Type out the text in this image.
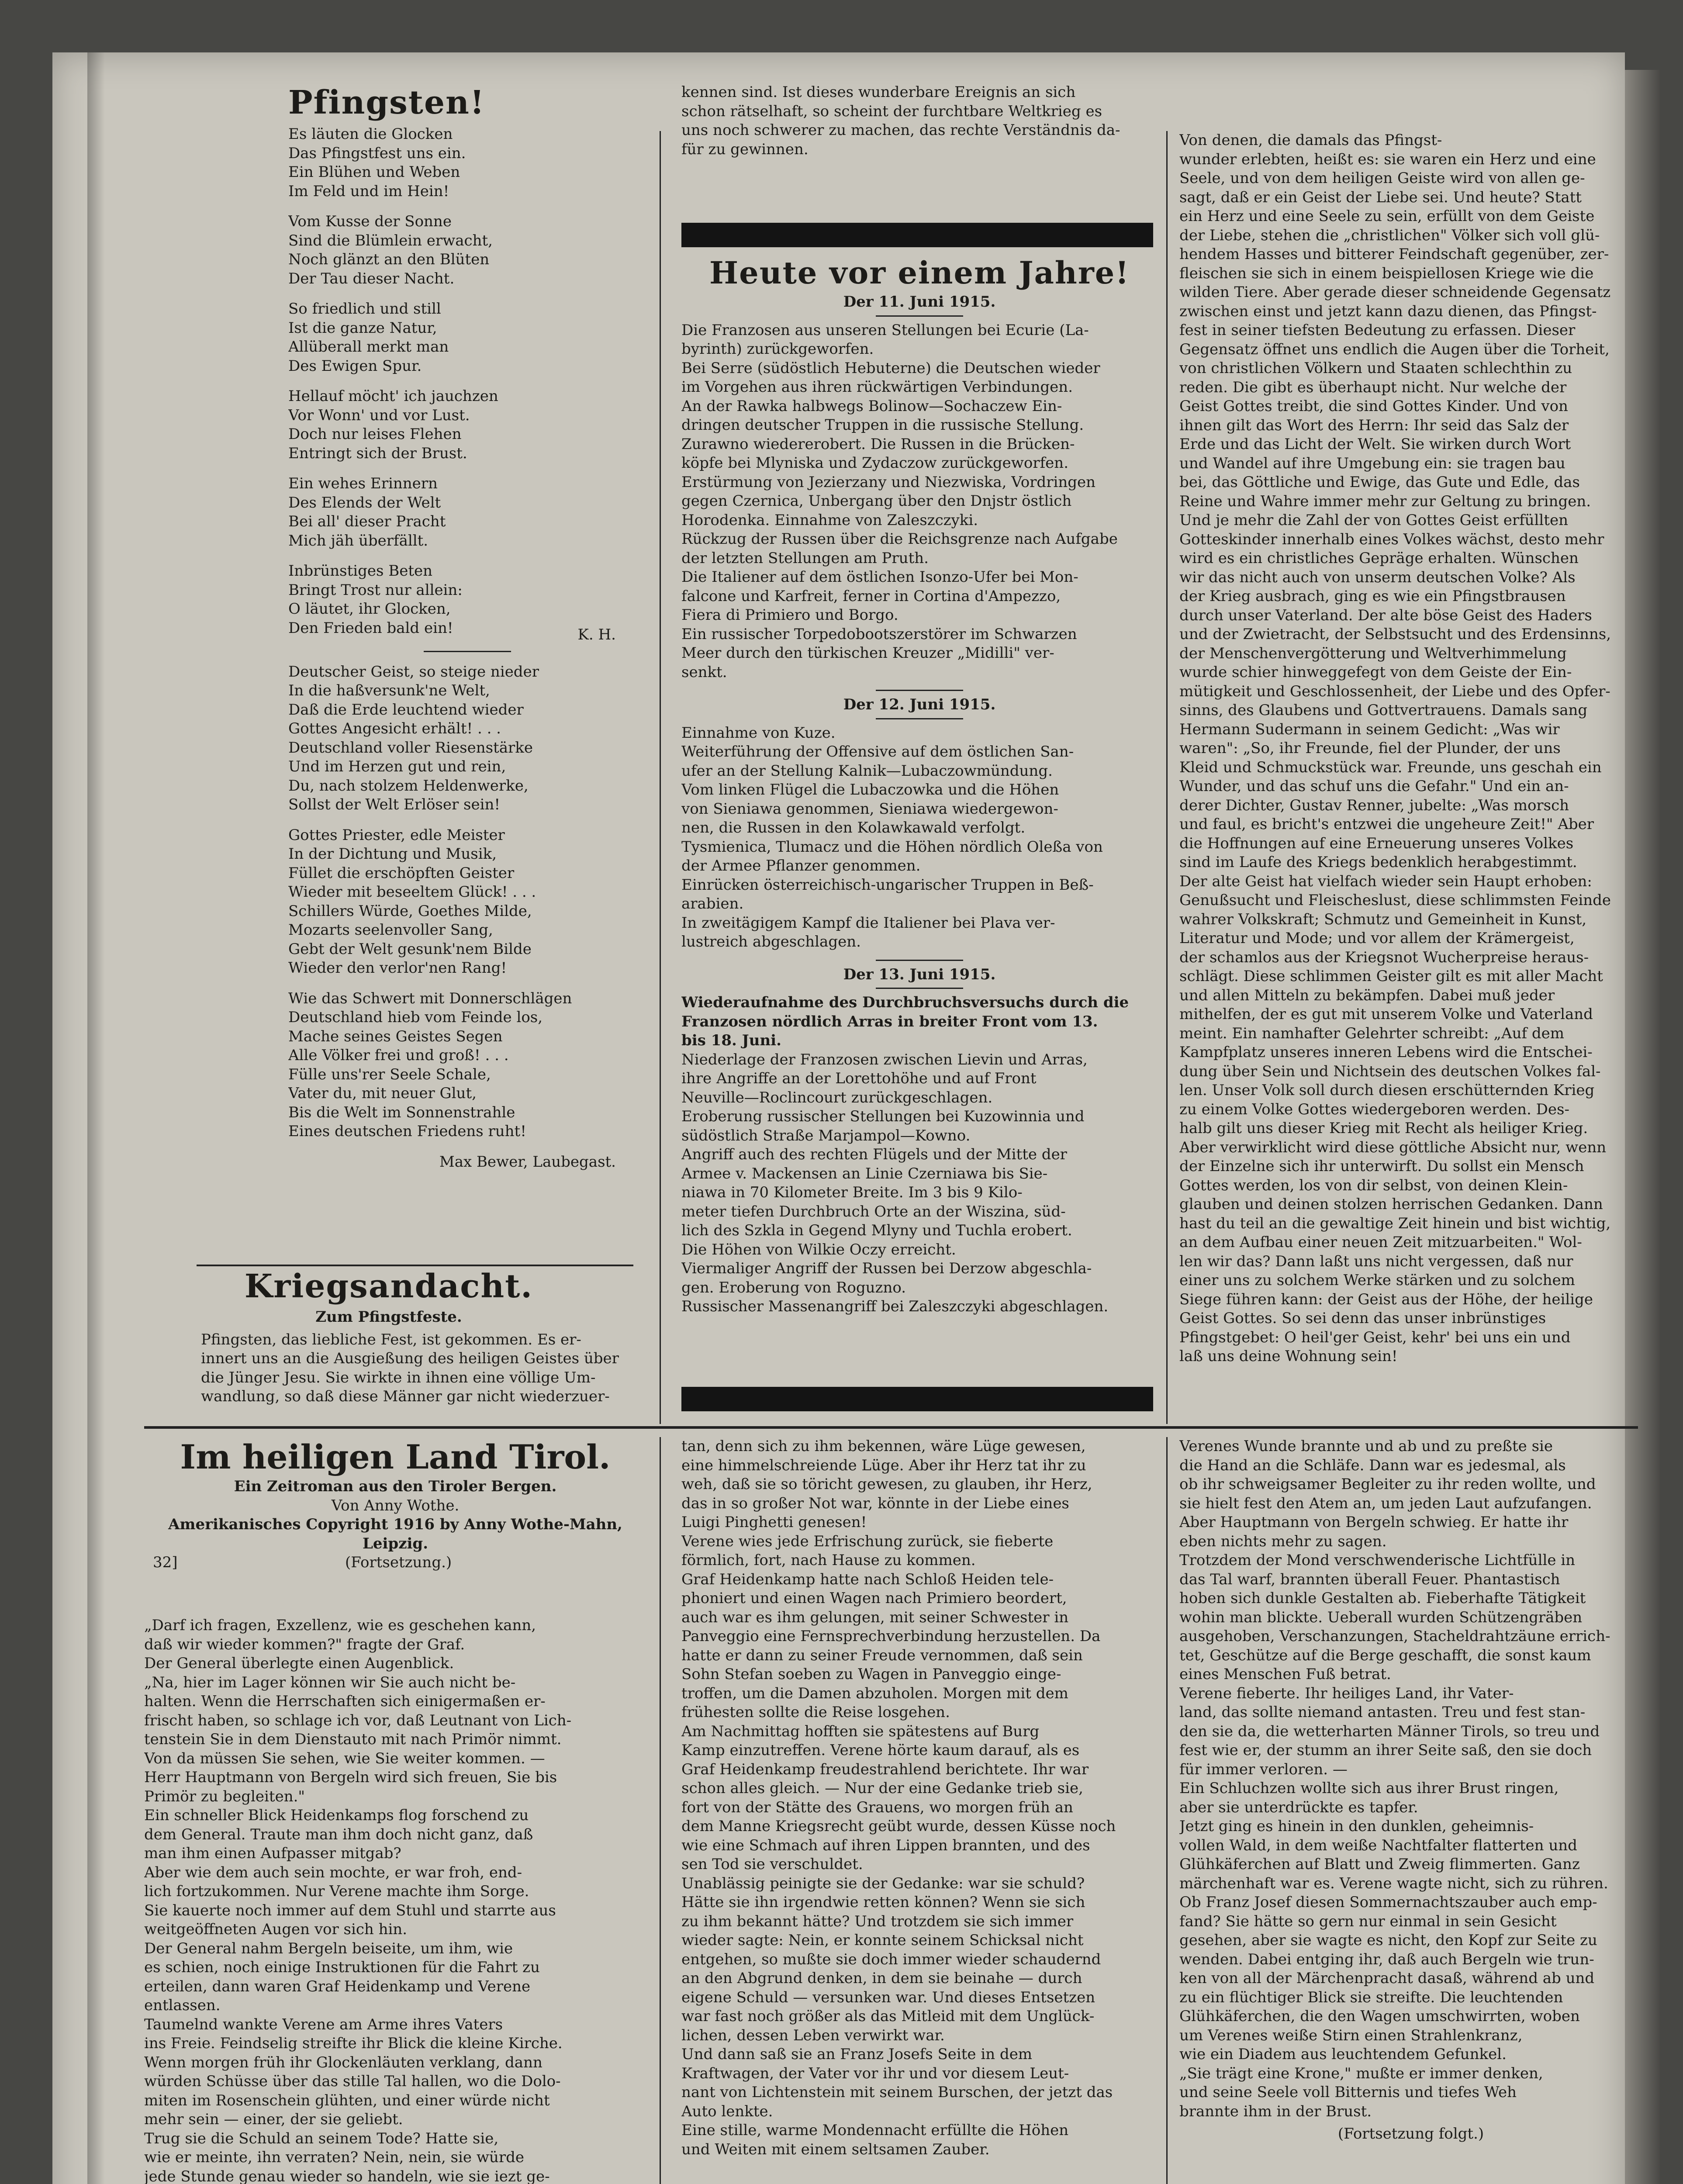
Pfingsten!
Es läuten die Glocken
Das Pfingstfest uns ein.
Ein Blühen und Weben
Im Feld und im Hein!
Vom Kusse der Sonne
Sind die Blümlein erwacht,
Noch glänzt an den Blüten
Der Tau dieser Nacht.
So friedlich und still
Ist die ganze Natur,
Allüberall merkt man
Des Ewigen Spur.
Hellauf möcht' ich jauchzen
Vor Wonn' und vor Lust.
Doch nur leises Flehen
Entringt sich der Brust.
Ein wehes Erinnern
Des Elends der Welt
Bei all' dieser Pracht
Mich jäh überfällt.
Inbrünstiges Beten
Bringt Trost nur allein:
O läutet, ihr Glocken,
Den Frieden bald ein!	K. H.
Deutscher Geist, so steige nieder
In die haßversunk'ne Welt,
Daß die Erde leuchtend wieder
Gottes Angesicht erhält! . . .
Deutschland voller Riesenstärke
Und im Herzen gut und rein,
Du, nach stolzem Heldenwerke,
Sollst der Welt Erlöser sein!
Gottes Priester, edle Meister
In der Dichtung und Musik,
Füllet die erschöpften Geister
Wieder mit beseeltem Glück! . . .
Schillers Würde, Goethes Milde,
Mozarts seelenvoller Sang,
Gebt der Welt gesunk'nem Bilde
Wieder den verlor'nen Rang!
Wie das Schwert mit Donnerschlägen
Deutschland hieb vom Feinde los,
Mache seines Geistes Segen
Alle Völker frei und groß! . . .
Fülle uns'rer Seele Schale,
Vater du, mit neuer Glut,
Bis die Welt im Sonnenstrahle
Eines deutschen Friedens ruht!
Max Bewer, Laubegast.
Kriegsandacht.
Zum Pfingstfeste.
Pfingsten, das liebliche Fest, ist gekommen. Es er-
innert uns an die Ausgießung des heiligen Geistes über
die Jünger Jesu. Sie wirkte in ihnen eine völlige Um-
wandlung, so daß diese Männer gar nicht wiederzuer-
kennen sind. Ist dieses wunderbare Ereignis an sich
schon rätselhaft, so scheint der furchtbare Weltkrieg es
uns noch schwerer zu machen, das rechte Verständnis da-
für zu gewinnen.
Heute vor einem Jahre!
Der 11. Juni 1915.
Die Franzosen aus unseren Stellungen bei Ecurie (La-
byrinth) zurückgeworfen.
Bei Serre (südöstlich Hebuterne) die Deutschen wieder
im Vorgehen aus ihren rückwärtigen Verbindungen.
An der Rawka halbwegs Bolinow—Sochaczew Ein-
dringen deutscher Truppen in die russische Stellung.
Zurawno wiedererobert. Die Russen in die Brücken-
köpfe bei Mlyniska und Zydaczow zurückgeworfen.
Erstürmung von Jezierzany und Niezwiska, Vordringen
gegen Czernica, Unbergang über den Dnjstr östlich
Horodenka. Einnahme von Zaleszczyki.
Rückzug der Russen über die Reichsgrenze nach Aufgabe
der letzten Stellungen am Pruth.
Die Italiener auf dem östlichen Isonzo-Ufer bei Mon-
falcone und Karfreit, ferner in Cortina d'Ampezzo,
Fiera di Primiero und Borgo.
Ein russischer Torpedobootszerstörer im Schwarzen
Meer durch den türkischen Kreuzer „Midilli" ver-
senkt.
Der 12. Juni 1915.
Einnahme von Kuze.
Weiterführung der Offensive auf dem östlichen San-
ufer an der Stellung Kalnik—Lubaczowmündung.
Vom linken Flügel die Lubaczowka und die Höhen
von Sieniawa genommen, Sieniawa wiedergewon-
nen, die Russen in den Kolawkawald verfolgt.
Tysmienica, Tlumacz und die Höhen nördlich Oleßa von
der Armee Pflanzer genommen.
Einrücken österreichisch-ungarischer Truppen in Beß-
arabien.
In zweitägigem Kampf die Italiener bei Plava ver-
lustreich abgeschlagen.
Der 13. Juni 1915.
Wiederaufnahme des Durchbruchsversuchs durch die
Franzosen nördlich Arras in breiter Front vom 13.
bis 18. Juni.
Niederlage der Franzosen zwischen Lievin und Arras,
ihre Angriffe an der Lorettohöhe und auf Front
Neuville—Roclincourt zurückgeschlagen.
Eroberung russischer Stellungen bei Kuzowinnia und
südöstlich Straße Marjampol—Kowno.
Angriff auch des rechten Flügels und der Mitte der
Armee v. Mackensen an Linie Czerniawa bis Sie-
niawa in 70 Kilometer Breite. Im 3 bis 9 Kilo-
meter tiefen Durchbruch Orte an der Wiszina, süd-
lich des Szkla in Gegend Mlyny und Tuchla erobert.
Die Höhen von Wilkie Oczy erreicht.
Viermaliger Angriff der Russen bei Derzow abgeschla-
gen. Eroberung von Roguzno.
Russischer Massenangriff bei Zaleszczyki abgeschlagen.
Von denen, die damals das Pfingst-
wunder erlebten, heißt es: sie waren ein Herz und eine
Seele, und von dem heiligen Geiste wird von allen ge-
sagt, daß er ein Geist der Liebe sei. Und heute? Statt
ein Herz und eine Seele zu sein, erfüllt von dem Geiste
der Liebe, stehen die „christlichen" Völker sich voll glü-
hendem Hasses und bitterer Feindschaft gegenüber, zer-
fleischen sie sich in einem beispiellosen Kriege wie die
wilden Tiere. Aber gerade dieser schneidende Gegensatz
zwischen einst und jetzt kann dazu dienen, das Pfingst-
fest in seiner tiefsten Bedeutung zu erfassen. Dieser
Gegensatz öffnet uns endlich die Augen über die Torheit,
von christlichen Völkern und Staaten schlechthin zu
reden. Die gibt es überhaupt nicht. Nur welche der
Geist Gottes treibt, die sind Gottes Kinder. Und von
ihnen gilt das Wort des Herrn: Ihr seid das Salz der
Erde und das Licht der Welt. Sie wirken durch Wort
und Wandel auf ihre Umgebung ein: sie tragen bau
bei, das Göttliche und Ewige, das Gute und Edle, das
Reine und Wahre immer mehr zur Geltung zu bringen.
Und je mehr die Zahl der von Gottes Geist erfüllten
Gotteskinder innerhalb eines Volkes wächst, desto mehr
wird es ein christliches Gepräge erhalten. Wünschen
wir das nicht auch von unserm deutschen Volke? Als
der Krieg ausbrach, ging es wie ein Pfingstbrausen
durch unser Vaterland. Der alte böse Geist des Haders
und der Zwietracht, der Selbstsucht und des Erdensinns,
der Menschenvergötterung und Weltverhimmelung
wurde schier hinweggefegt von dem Geiste der Ein-
mütigkeit und Geschlossenheit, der Liebe und des Opfer-
sinns, des Glaubens und Gottvertrauens. Damals sang
Hermann Sudermann in seinem Gedicht: „Was wir
waren": „So, ihr Freunde, fiel der Plunder, der uns
Kleid und Schmuckstück war. Freunde, uns geschah ein
Wunder, und das schuf uns die Gefahr." Und ein an-
derer Dichter, Gustav Renner, jubelte: „Was morsch
und faul, es bricht's entzwei die ungeheure Zeit!" Aber
die Hoffnungen auf eine Erneuerung unseres Volkes
sind im Laufe des Kriegs bedenklich herabgestimmt.
Der alte Geist hat vielfach wieder sein Haupt erhoben:
Genußsucht und Fleischeslust, diese schlimmsten Feinde
wahrer Volkskraft; Schmutz und Gemeinheit in Kunst,
Literatur und Mode; und vor allem der Krämergeist,
der schamlos aus der Kriegsnot Wucherpreise heraus-
schlägt. Diese schlimmen Geister gilt es mit aller Macht
und allen Mitteln zu bekämpfen. Dabei muß jeder
mithelfen, der es gut mit unserem Volke und Vaterland
meint. Ein namhafter Gelehrter schreibt: „Auf dem
Kampfplatz unseres inneren Lebens wird die Entschei-
dung über Sein und Nichtsein des deutschen Volkes fal-
len. Unser Volk soll durch diesen erschütternden Krieg
zu einem Volke Gottes wiedergeboren werden. Des-
halb gilt uns dieser Krieg mit Recht als heiliger Krieg.
Aber verwirklicht wird diese göttliche Absicht nur, wenn
der Einzelne sich ihr unterwirft. Du sollst ein Mensch
Gottes werden, los von dir selbst, von deinen Klein-
glauben und deinen stolzen herrischen Gedanken. Dann
hast du teil an die gewaltige Zeit hinein und bist wichtig,
an dem Aufbau einer neuen Zeit mitzuarbeiten." Wol-
len wir das? Dann laßt uns nicht vergessen, daß nur
einer uns zu solchem Werke stärken und zu solchem
Siege führen kann: der Geist aus der Höhe, der heilige
Geist Gottes. So sei denn das unser inbrünstiges
Pfingstgebet: O heil'ger Geist, kehr' bei uns ein und
laß uns deine Wohnung sein!
Im heiligen Land Tirol.
Ein Zeitroman aus den Tiroler Bergen.
Von Anny Wothe.
Amerikanisches Copyright 1916 by Anny Wothe-Mahn,
Leipzig.
32]	(Fortsetzung.)
„Darf ich fragen, Exzellenz, wie es geschehen kann,
daß wir wieder kommen?" fragte der Graf.
Der General überlegte einen Augenblick.
„Na, hier im Lager können wir Sie auch nicht be-
halten. Wenn die Herrschaften sich einigermaßen er-
frischt haben, so schlage ich vor, daß Leutnant von Lich-
tenstein Sie in dem Dienstauto mit nach Primör nimmt.
Von da müssen Sie sehen, wie Sie weiter kommen. —
Herr Hauptmann von Bergeln wird sich freuen, Sie bis
Primör zu begleiten."
Ein schneller Blick Heidenkamps flog forschend zu
dem General. Traute man ihm doch nicht ganz, daß
man ihm einen Aufpasser mitgab?
Aber wie dem auch sein mochte, er war froh, end-
lich fortzukommen. Nur Verene machte ihm Sorge.
Sie kauerte noch immer auf dem Stuhl und starrte aus
weitgeöffneten Augen vor sich hin.
Der General nahm Bergeln beiseite, um ihm, wie
es schien, noch einige Instruktionen für die Fahrt zu
erteilen, dann waren Graf Heidenkamp und Verene
entlassen.
Taumelnd wankte Verene am Arme ihres Vaters
ins Freie. Feindselig streifte ihr Blick die kleine Kirche.
Wenn morgen früh ihr Glockenläuten verklang, dann
würden Schüsse über das stille Tal hallen, wo die Dolo-
miten im Rosenschein glühten, und einer würde nicht
mehr sein — einer, der sie geliebt.
Trug sie die Schuld an seinem Tode? Hatte sie,
wie er meinte, ihn verraten? Nein, nein, sie würde
jede Stunde genau wieder so handeln, wie sie iezt ge-
tan, denn sich zu ihm bekennen, wäre Lüge gewesen,
eine himmelschreiende Lüge. Aber ihr Herz tat ihr zu
weh, daß sie so töricht gewesen, zu glauben, ihr Herz,
das in so großer Not war, könnte in der Liebe eines
Luigi Pinghetti genesen!
Verene wies jede Erfrischung zurück, sie fieberte
förmlich, fort, nach Hause zu kommen.
Graf Heidenkamp hatte nach Schloß Heiden tele-
phoniert und einen Wagen nach Primiero beordert,
auch war es ihm gelungen, mit seiner Schwester in
Panveggio eine Fernsprechverbindung herzustellen. Da
hatte er dann zu seiner Freude vernommen, daß sein
Sohn Stefan soeben zu Wagen in Panveggio einge-
troffen, um die Damen abzuholen. Morgen mit dem
frühesten sollte die Reise losgehen.
Am Nachmittag hofften sie spätestens auf Burg
Kamp einzutreffen. Verene hörte kaum darauf, als es
Graf Heidenkamp freudestrahlend berichtete. Ihr war
schon alles gleich. — Nur der eine Gedanke trieb sie,
fort von der Stätte des Grauens, wo morgen früh an
dem Manne Kriegsrecht geübt wurde, dessen Küsse noch
wie eine Schmach auf ihren Lippen brannten, und des
sen Tod sie verschuldet.
Unablässig peinigte sie der Gedanke: war sie schuld?
Hätte sie ihn irgendwie retten können? Wenn sie sich
zu ihm bekannt hätte? Und trotzdem sie sich immer
wieder sagte: Nein, er konnte seinem Schicksal nicht
entgehen, so mußte sie doch immer wieder schaudernd
an den Abgrund denken, in dem sie beinahe — durch
eigene Schuld — versunken war. Und dieses Entsetzen
war fast noch größer als das Mitleid mit dem Unglück-
lichen, dessen Leben verwirkt war.
Und dann saß sie an Franz Josefs Seite in dem
Kraftwagen, der Vater vor ihr und vor diesem Leut-
nant von Lichtenstein mit seinem Burschen, der jetzt das
Auto lenkte.
Eine stille, warme Mondennacht erfüllte die Höhen
und Weiten mit einem seltsamen Zauber.
Verenes Wunde brannte und ab und zu preßte sie
die Hand an die Schläfe. Dann war es jedesmal, als
ob ihr schweigsamer Begleiter zu ihr reden wollte, und
sie hielt fest den Atem an, um jeden Laut aufzufangen.
Aber Hauptmann von Bergeln schwieg. Er hatte ihr
eben nichts mehr zu sagen.
Trotzdem der Mond verschwenderische Lichtfülle in
das Tal warf, brannten überall Feuer. Phantastisch
hoben sich dunkle Gestalten ab. Fieberhafte Tätigkeit
wohin man blickte. Ueberall wurden Schützengräben
ausgehoben, Verschanzungen, Stacheldrahtzäune errich-
tet, Geschütze auf die Berge geschafft, die sonst kaum
eines Menschen Fuß betrat.
Verene fieberte. Ihr heiliges Land, ihr Vater-
land, das sollte niemand antasten. Treu und fest stan-
den sie da, die wetterharten Männer Tirols, so treu und
fest wie er, der stumm an ihrer Seite saß, den sie doch
für immer verloren. —
Ein Schluchzen wollte sich aus ihrer Brust ringen,
aber sie unterdrückte es tapfer.
Jetzt ging es hinein in den dunklen, geheimnis-
vollen Wald, in dem weiße Nachtfalter flatterten und
Glühkäferchen auf Blatt und Zweig flimmerten. Ganz
märchenhaft war es. Verene wagte nicht, sich zu rühren.
Ob Franz Josef diesen Sommernachtszauber auch emp-
fand? Sie hätte so gern nur einmal in sein Gesicht
gesehen, aber sie wagte es nicht, den Kopf zur Seite zu
wenden. Dabei entging ihr, daß auch Bergeln wie trun-
ken von all der Märchenpracht dasaß, während ab und
zu ein flüchtiger Blick sie streifte. Die leuchtenden
Glühkäferchen, die den Wagen umschwirrten, woben
um Verenes weiße Stirn einen Strahlenkranz,
wie ein Diadem aus leuchtendem Gefunkel.
„Sie trägt eine Krone," mußte er immer denken,
und seine Seele voll Bitternis und tiefes Weh
brannte ihm in der Brust.
(Fortsetzung folgt.)
